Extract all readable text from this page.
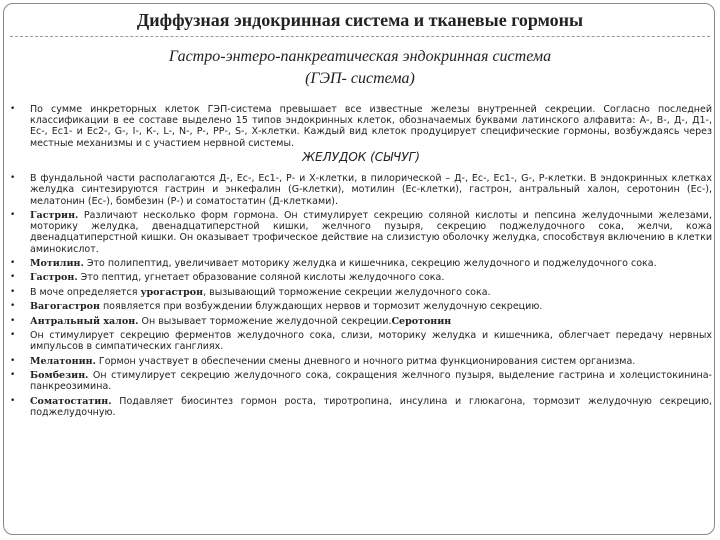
Диффузная эндокринная система и тканевые гормоны
Гастро-энтеро-панкреатическая эндокринная система
(ГЭП- система)
•	По сумме инкреторных клеток ГЭП-система превышает все известные железы внутренней секреции. Согласно последней классификации в ее составе выделено 15 типов эндокринных клеток, обозначаемых буквами латинского алфавита: А-, В-, Д-, Д1-, Ес-, Ес1- и Ес2-, G-, I-, К-, L-, N-, Р-, РР-, S-, Х-клетки. Каждый вид клеток продуцирует специфические гормоны, возбуждаясь через местные механизмы и с участием нервной системы.
ЖЕЛУДОК (СЫЧУГ)
•	В фундальной части располагаются Д-, Ес-, Ес1-, Р- и Х-клетки, в пилорической – Д-, Ес-, Ес1-, G-, Р-клетки. В эндокринных клетках желудка синтезируются гастрин и энкефалин (G-клетки), мотилин (Ес-клетки), гастрон, антральный халон, серотонин (Ес-), мелатонин (Ес-), бомбезин (Р-) и соматостатин (Д-клетками).
•	Гастрин. Различают несколько форм гормона. Он стимулирует секрецию соляной кислоты и пепсина желудочными железами, моторику желудка, двенадцатиперстной кишки, желчного пузыря, секрецию поджелудочного сока, желчи, кожа двенадцатиперстной кишки. Он оказывает трофическое действие на слизистую оболочку желудка, способствуя включению в клетки аминокислот.
•	Мотилин. Это полипептид, увеличивает моторику желудка и кишечника, секрецию желудочного и поджелудочного сока.
•	Гастрон. Это пептид, угнетает образование соляной кислоты желудочного сока.
•	В моче определяется урогастрон, вызывающий торможение секреции желудочного сока.
•	Вагогастрон появляется при возбуждении блуждающих нервов и тормозит желудочную секрецию.
•	Антральный халон. Он вызывает торможение желудочной секреции.Серотонин
•	Он стимулирует секрецию ферментов желудочного сока, слизи, моторику желудка и кишечника, облегчает передачу нервных импульсов в симпатических ганглиях.
•	Мелатонин. Гормон участвует в обеспечении смены дневного и ночного ритма функционирования систем организма.
•	Бомбезин. Он стимулирует секрецию желудочного сока, сокращения желчного пузыря, выделение гастрина и холецистокинина-панкреозимина.
•	Соматостатин. Подавляет биосинтез гормон роста, тиротропина, инсулина и глюкагона, тормозит желудочную секрецию, поджелудочную.
